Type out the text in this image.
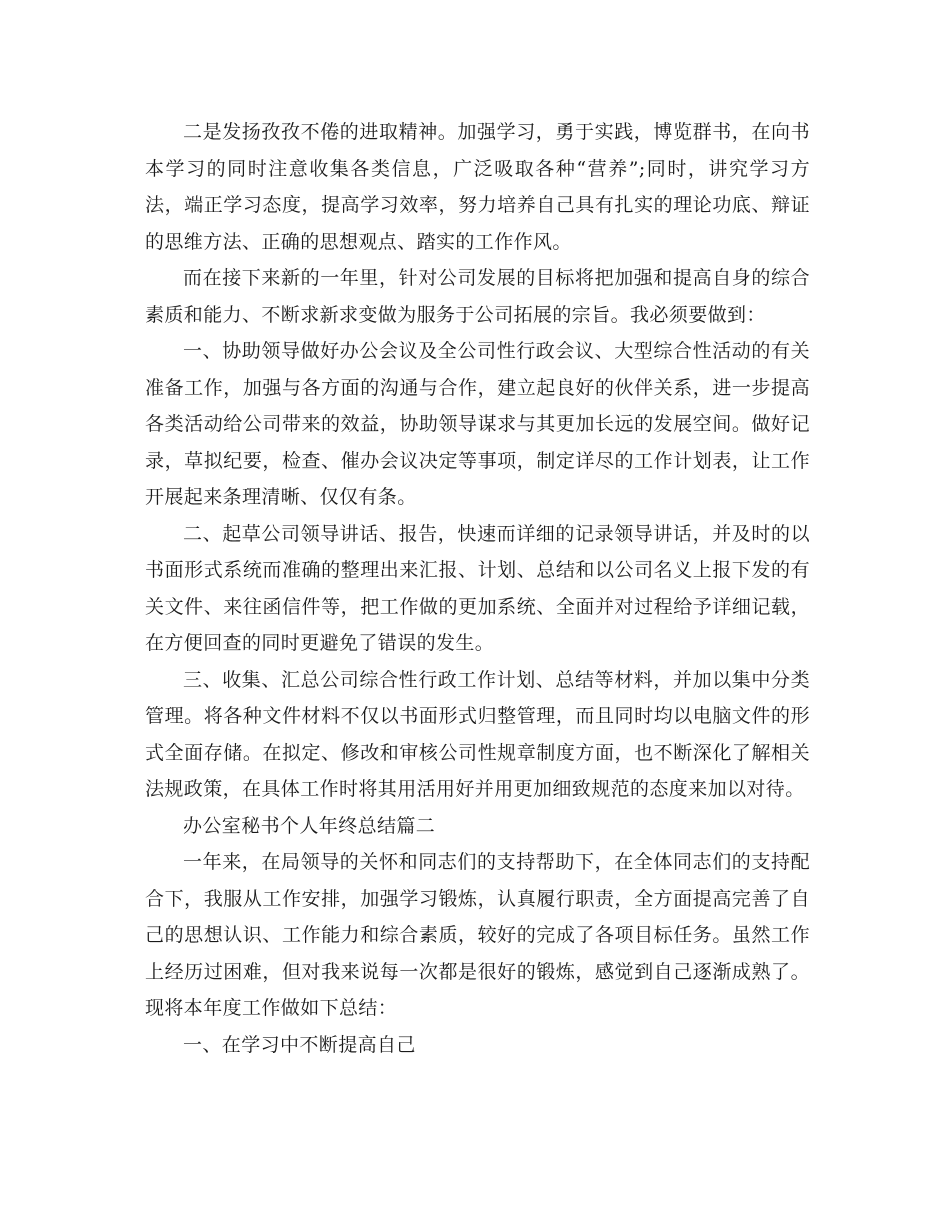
二是发扬孜孜不倦的进取精神。加强学习，勇于实践，博览群书，在向书本学习的同时注意收集各类信息，广泛吸取各种“营养”;同时，讲究学习方法，端正学习态度，提高学习效率，努力培养自己具有扎实的理论功底、辩证的思维方法、正确的思想观点、踏实的工作作风。

而在接下来新的一年里，针对公司发展的目标将把加强和提高自身的综合素质和能力、不断求新求变做为服务于公司拓展的宗旨。我必须要做到：

一、协助领导做好办公会议及全公司性行政会议、大型综合性活动的有关准备工作，加强与各方面的沟通与合作，建立起良好的伙伴关系，进一步提高各类活动给公司带来的效益，协助领导谋求与其更加长远的发展空间。做好记录，草拟纪要，检查、催办会议决定等事项，制定详尽的工作计划表，让工作开展起来条理清晰、仅仅有条。

二、起草公司领导讲话、报告，快速而详细的记录领导讲话，并及时的以书面形式系统而准确的整理出来汇报、计划、总结和以公司名义上报下发的有关文件、来往函信件等，把工作做的更加系统、全面并对过程给予详细记载，在方便回查的同时更避免了错误的发生。

三、收集、汇总公司综合性行政工作计划、总结等材料，并加以集中分类管理。将各种文件材料不仅以书面形式归整管理，而且同时均以电脑文件的形式全面存储。在拟定、修改和审核公司性规章制度方面，也不断深化了解相关法规政策，在具体工作时将其用活用好并用更加细致规范的态度来加以对待。

办公室秘书个人年终总结篇二

一年来，在局领导的关怀和同志们的支持帮助下，在全体同志们的支持配合下，我服从工作安排，加强学习锻炼，认真履行职责，全方面提高完善了自己的思想认识、工作能力和综合素质，较好的完成了各项目标任务。虽然工作上经历过困难，但对我来说每一次都是很好的锻炼，感觉到自己逐渐成熟了。现将本年度工作做如下总结：

一、在学习中不断提高自己
